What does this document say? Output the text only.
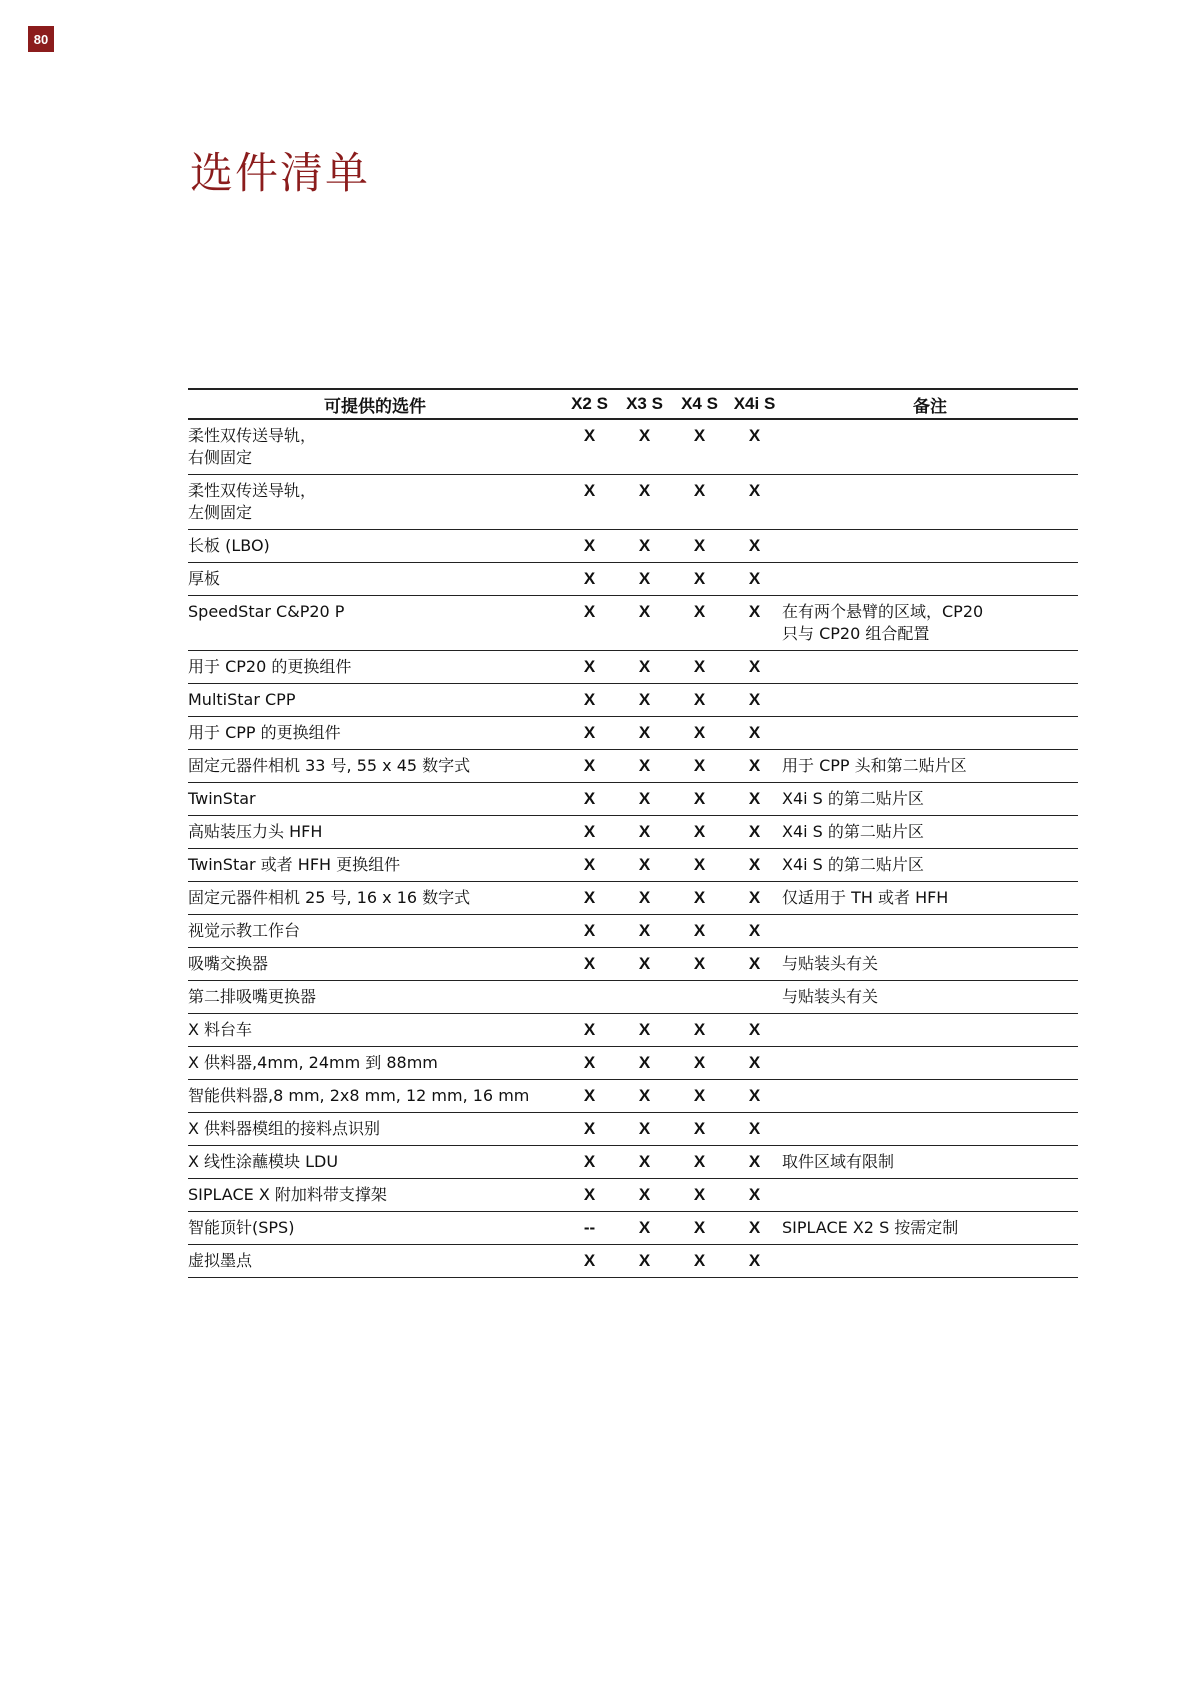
80
选件清单
可提供的选件	X2 S	X3 S	X4 S	X4i S	备注

柔性双传送导轨，
右侧固定	X	X	X	X	

柔性双传送导轨，
左侧固定	X	X	X	X	

长板 (LBO)	X	X	X	X	

厚板	X	X	X	X	

SpeedStar C&P20 P	X	X	X	X	在有两个悬臂的区域，CP20
只与 CP20 组合配置

用于 CP20 的更换组件	X	X	X	X	

MultiStar CPP	X	X	X	X	

用于 CPP 的更换组件	X	X	X	X	

固定元器件相机 33 号, 55 x 45 数字式	X	X	X	X	用于 CPP 头和第二贴片区

TwinStar	X	X	X	X	X4i S 的第二贴片区

高贴装压力头 HFH	X	X	X	X	X4i S 的第二贴片区

TwinStar 或者 HFH 更换组件	X	X	X	X	X4i S 的第二贴片区

固定元器件相机 25 号, 16 x 16 数字式	X	X	X	X	仅适用于 TH 或者 HFH

视觉示教工作台	X	X	X	X	

吸嘴交换器	X	X	X	X	与贴装头有关

第二排吸嘴更换器					与贴装头有关

X 料台车	X	X	X	X	

X 供料器,4mm, 24mm 到 88mm	X	X	X	X	

智能供料器,8 mm, 2x8 mm, 12 mm, 16 mm	X	X	X	X	

X 供料器模组的接料点识别	X	X	X	X	

X 线性涂蘸模块 LDU	X	X	X	X	取件区域有限制

SIPLACE X 附加料带支撑架	X	X	X	X	

智能顶针(SPS)	--	X	X	X	SIPLACE X2 S 按需定制

虚拟墨点	X	X	X	X	
